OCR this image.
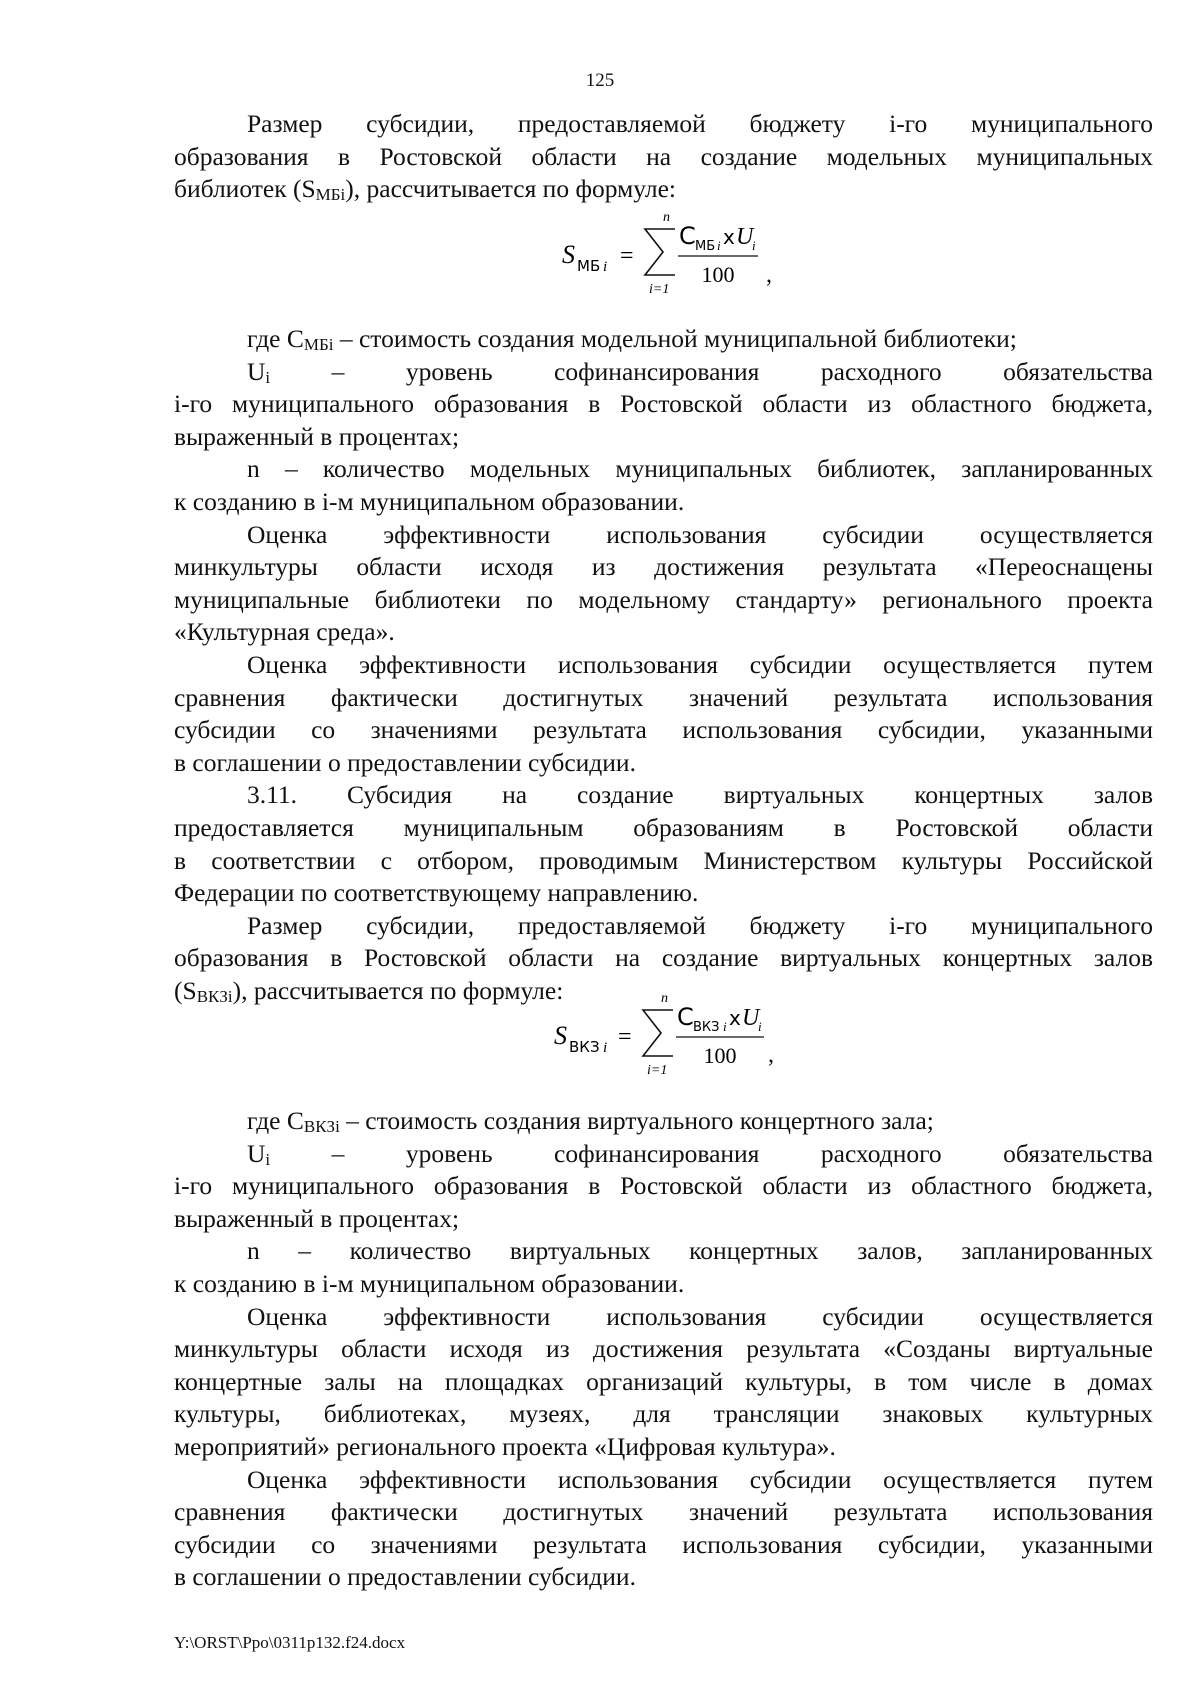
125

Размер субсидии, предоставляемой бюджету i-го муниципального
образования в Ростовской области на создание модельных муниципальных
библиотек $(S_{МБi})$, рассчитывается по формуле:

S МБ i =
n
i=1
С МБ i x U
i
100 ,

где $С_{МБi}$ – стоимость создания модельной муниципальной библиотеки;

$U_i$ – уровень софинансирования расходного обязательства
i-го муниципального образования в Ростовской области из областного бюджета,
выраженный в процентах;

n – количество модельных муниципальных библиотек, запланированных
к созданию в i-м муниципальном образовании.

Оценка эффективности использования субсидии осуществляется
минкультуры области исходя из достижения результата «Переоснащены
муниципальные библиотеки по модельному стандарту» регионального проекта
«Культурная среда».

Оценка эффективности использования субсидии осуществляется путем
сравнения фактически достигнутых значений результата использования
субсидии со значениями результата использования субсидии, указанными
в соглашении о предоставлении субсидии.

3.11. Субсидия на создание виртуальных концертных залов
предоставляется муниципальным образованиям в Ростовской области
в соответствии с отбором, проводимым Министерством культуры Российской
Федерации по соответствующему направлению.

Размер субсидии, предоставляемой бюджету i-го муниципального
образования в Ростовской области на создание виртуальных концертных залов
$(S_{ВКЗi})$, рассчитывается по формуле:

S ВКЗ i =
n
i=1
С ВКЗ i x U
i
100 ,

где $С_{ВКЗi}$ – стоимость создания виртуального концертного зала;

$U_i$ – уровень софинансирования расходного обязательства
i-го муниципального образования в Ростовской области из областного бюджета,
выраженный в процентах;

n – количество виртуальных концертных залов, запланированных
к созданию в i-м муниципальном образовании.

Оценка эффективности использования субсидии осуществляется
минкультуры области исходя из достижения результата «Созданы виртуальные
концертные залы на площадках организаций культуры, в том числе в домах
культуры, библиотеках, музеях, для трансляции знаковых культурных
мероприятий» регионального проекта «Цифровая культура».

Оценка эффективности использования субсидии осуществляется путем
сравнения фактически достигнутых значений результата использования
субсидии со значениями результата использования субсидии, указанными
в соглашении о предоставлении субсидии.

Y:\ORST\Ppo\0311p132.f24.docx
